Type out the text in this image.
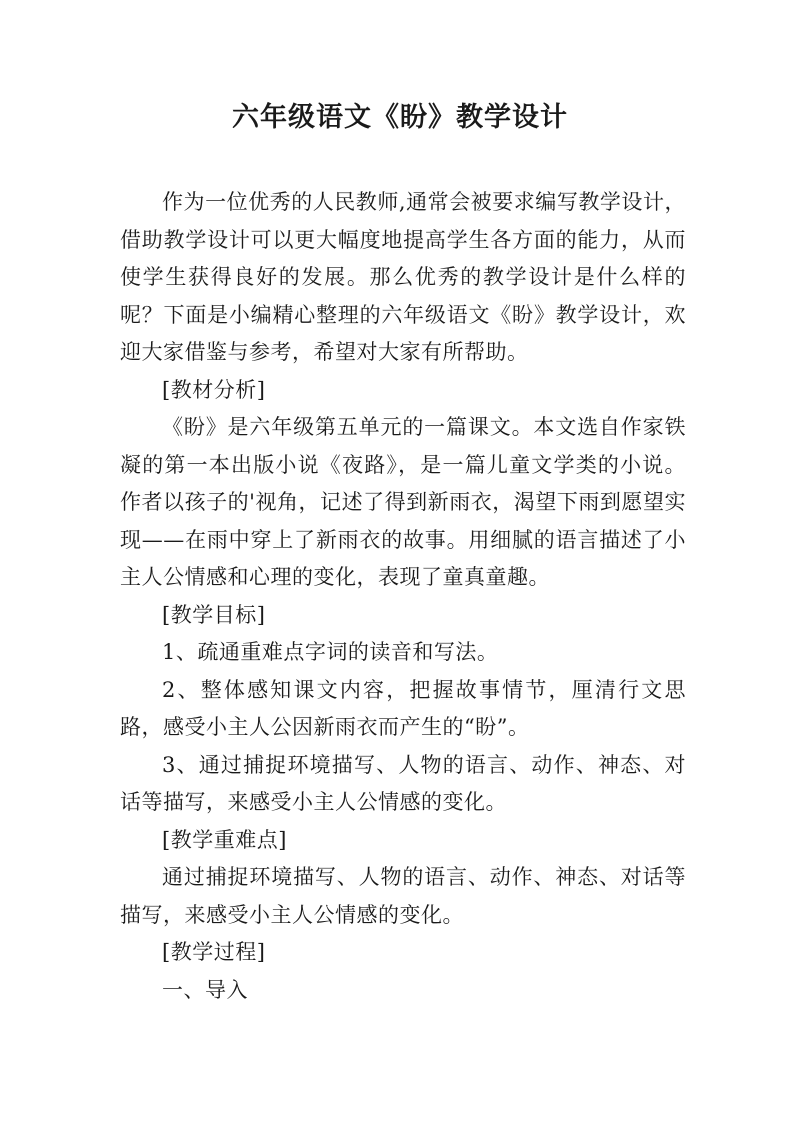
六年级语文《盼》教学设计

作为一位优秀的人民教师,通常会被要求编写教学设计，借助教学设计可以更大幅度地提高学生各方面的能力，从而使学生获得良好的发展。那么优秀的教学设计是什么样的呢？下面是小编精心整理的六年级语文《盼》教学设计，欢迎大家借鉴与参考，希望对大家有所帮助。

[教材分析]

《盼》是六年级第五单元的一篇课文。本文选自作家铁凝的第一本出版小说《夜路》，是一篇儿童文学类的小说。作者以孩子的'视角，记述了得到新雨衣，渴望下雨到愿望实现——在雨中穿上了新雨衣的故事。用细腻的语言描述了小主人公情感和心理的变化，表现了童真童趣。

[教学目标]

1、疏通重难点字词的读音和写法。

2、整体感知课文内容，把握故事情节，厘清行文思路，感受小主人公因新雨衣而产生的“盼”。

3、通过捕捉环境描写、人物的语言、动作、神态、对话等描写，来感受小主人公情感的变化。

[教学重难点]

通过捕捉环境描写、人物的语言、动作、神态、对话等描写，来感受小主人公情感的变化。

[教学过程]

一、导入
